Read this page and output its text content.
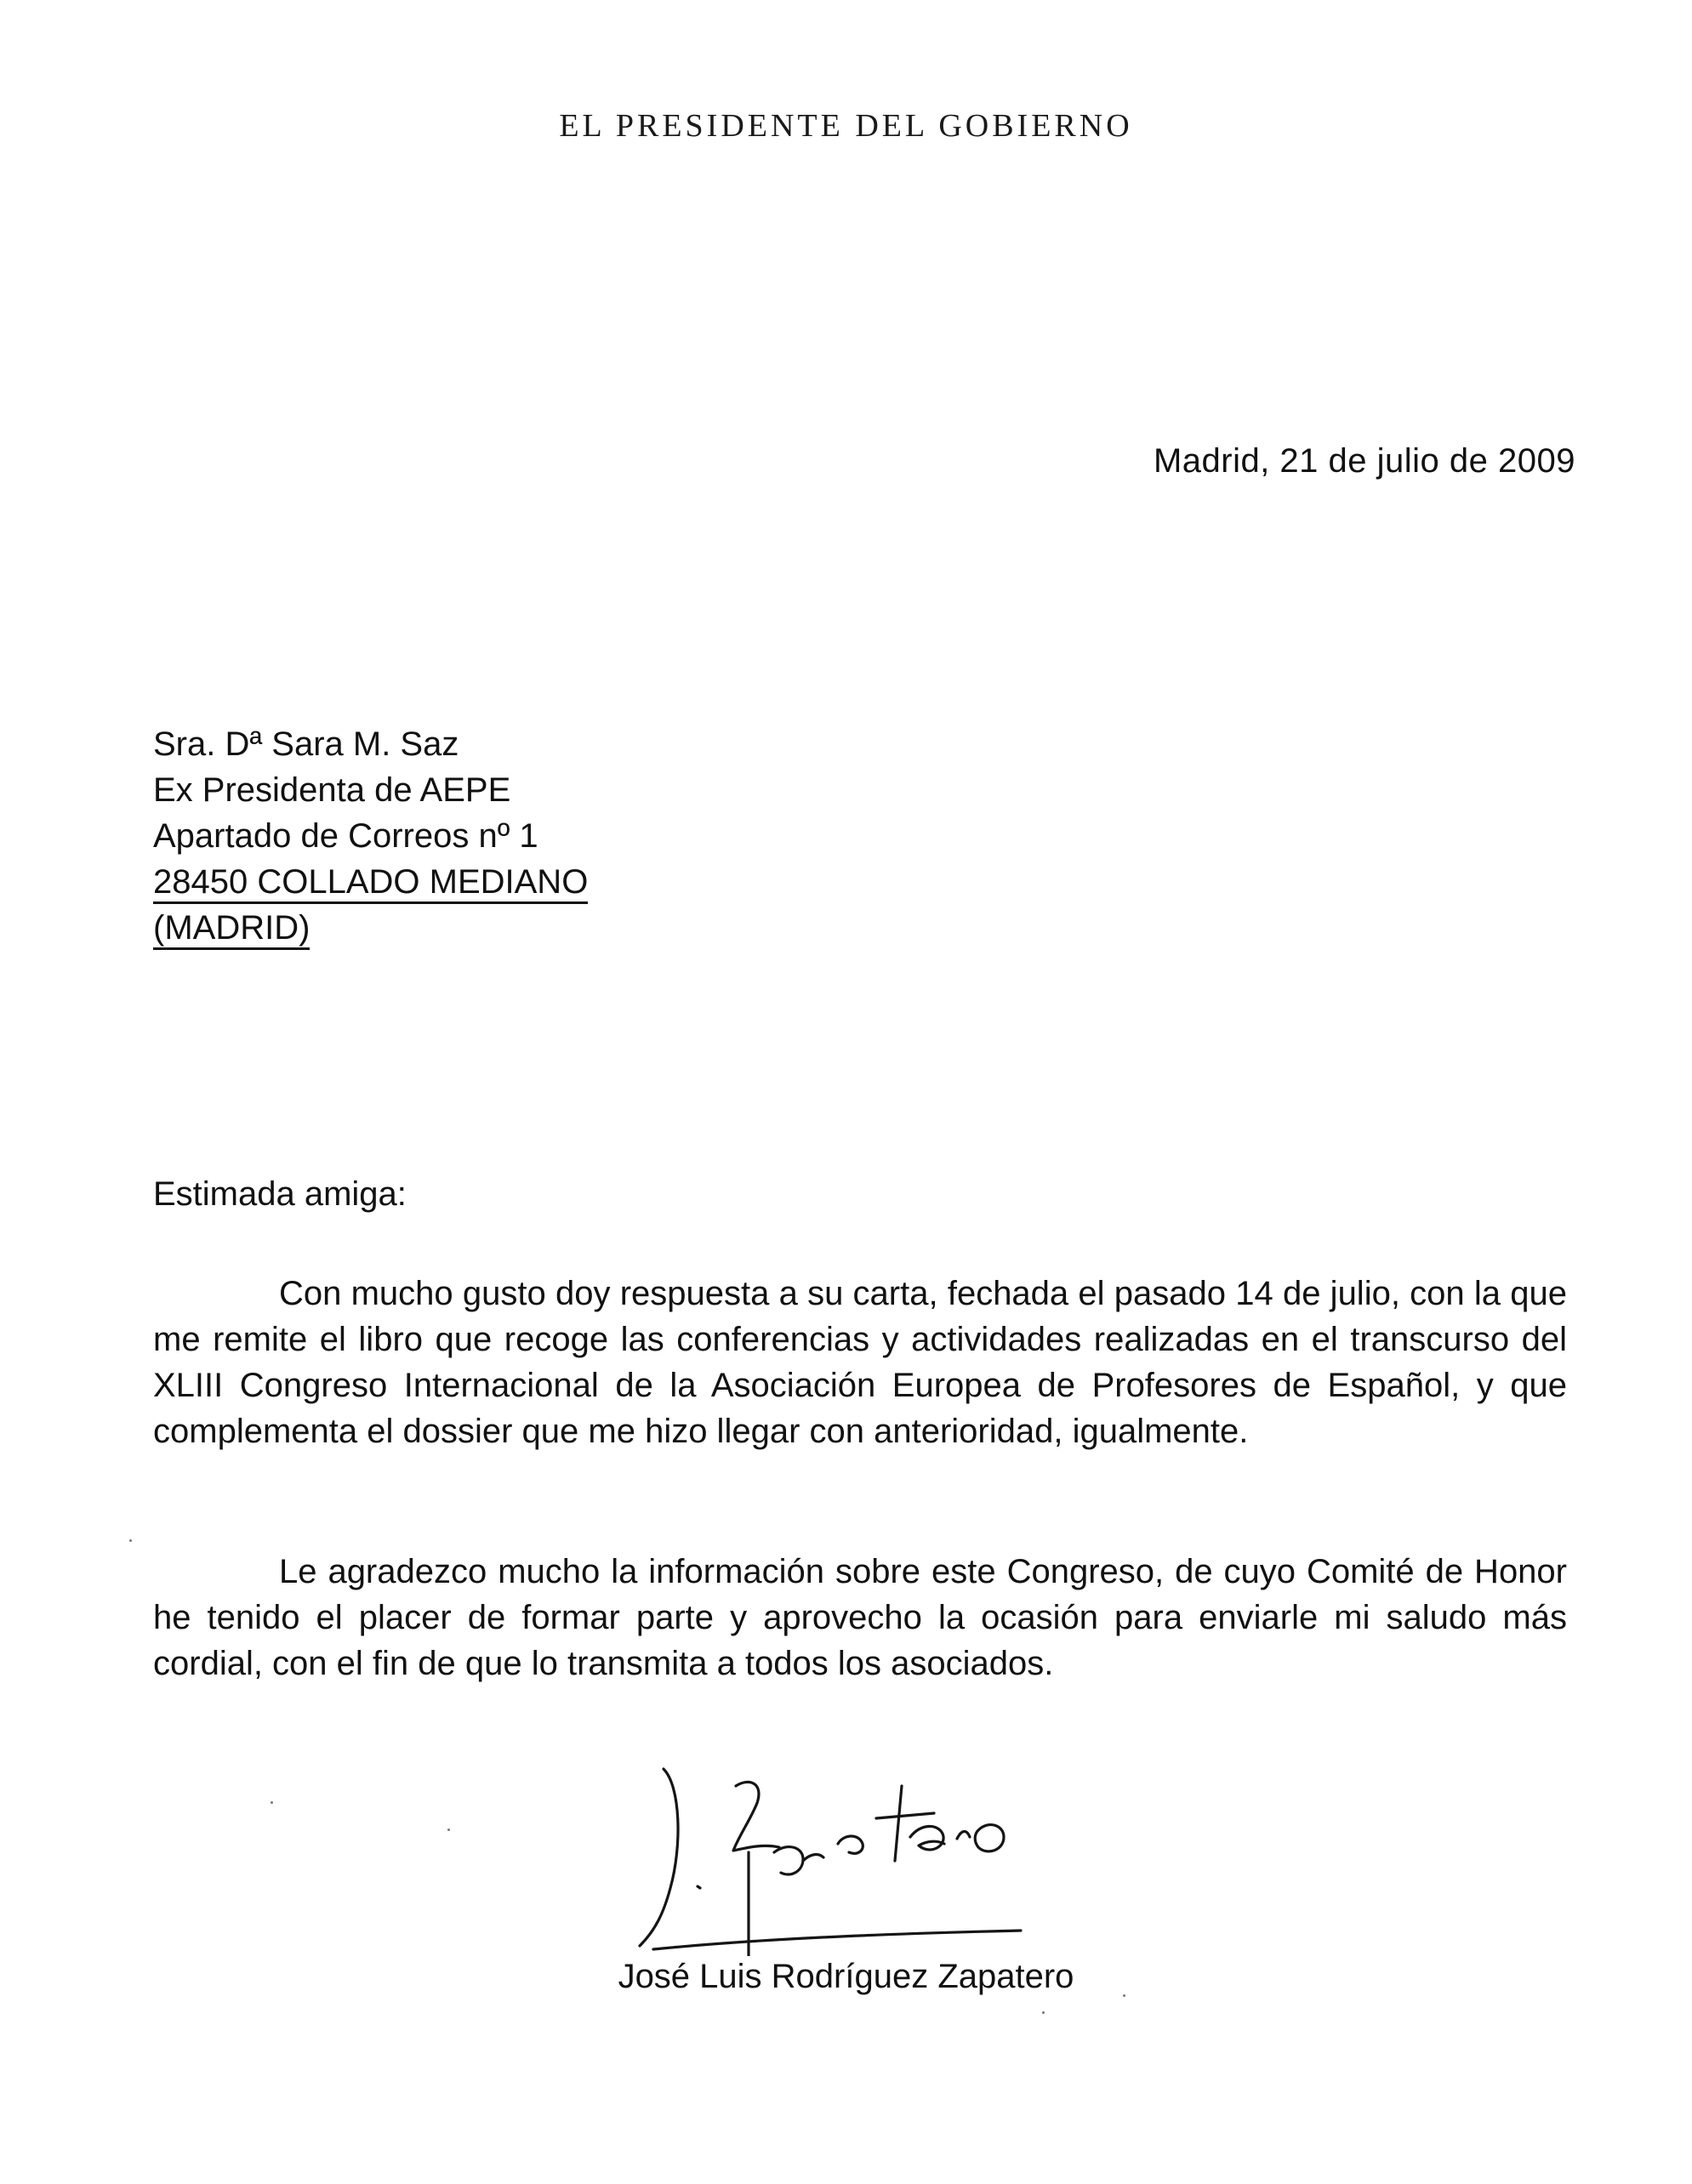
EL PRESIDENTE DEL GOBIERNO
Madrid, 21 de julio de 2009
Sra. Dª Sara M. Saz
Ex Presidenta de AEPE
Apartado de Correos nº 1
28450 COLLADO MEDIANO
(MADRID)
Estimada amiga:

Con mucho gusto doy respuesta a su carta, fechada el pasado 14 de julio, con la que me remite el libro que recoge las conferencias y actividades realizadas en el transcurso del XLIII Congreso Internacional de la Asociación Europea de Profesores de Español, y que complementa el dossier que me hizo llegar con anterioridad, igualmente.

Le agradezco mucho la información sobre este Congreso, de cuyo Comité de Honor he tenido el placer de formar parte y aprovecho la ocasión para enviarle mi saludo más cordial, con el fin de que lo transmita a todos los asociados.

José Luis Rodríguez Zapatero
